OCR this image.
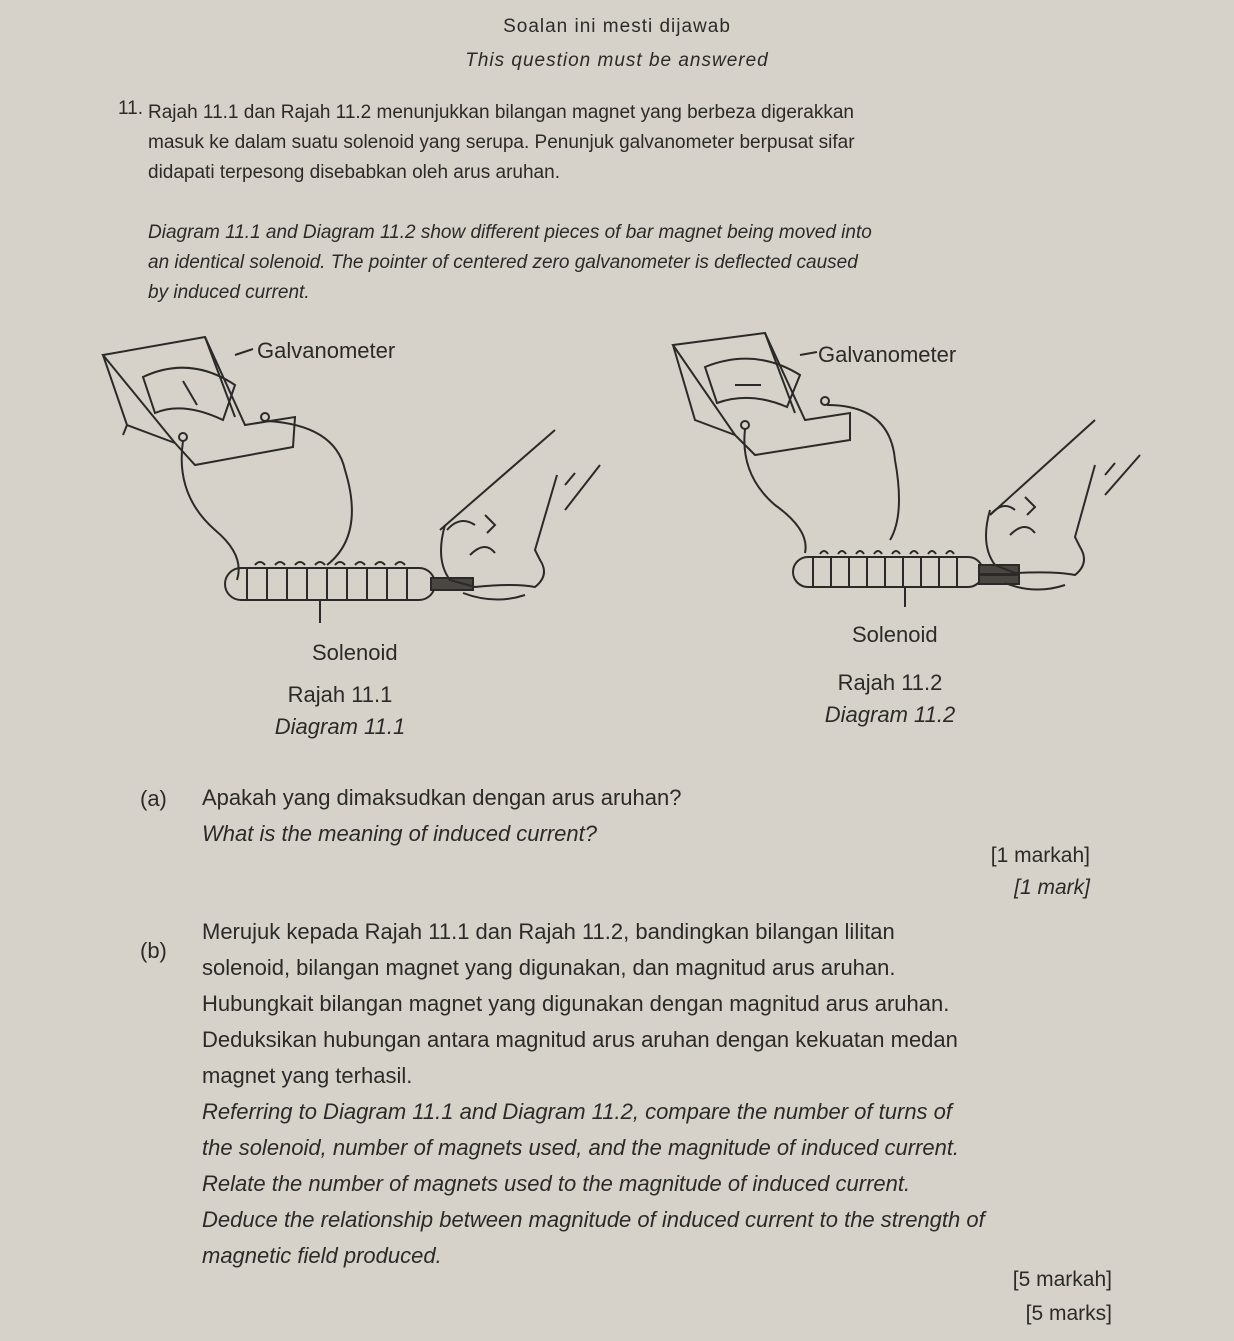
Soalan ini mesti dijawab
This question must be answered
11. Rajah 11.1 dan Rajah 11.2 menunjukkan bilangan magnet yang berbeza digerakkan
masuk ke dalam suatu solenoid yang serupa. Penunjuk galvanometer berpusat sifar
didapati terpesong disebabkan oleh arus aruhan.
Diagram 11.1 and Diagram 11.2 show different pieces of bar magnet being moved into
an identical solenoid. The pointer of centered zero galvanometer is deflected caused
by induced current.
Galvanometer
Solenoid
Rajah 11.1
Diagram 11.1
Galvanometer
Solenoid
Rajah 11.2
Diagram 11.2
(a) Apakah yang dimaksudkan dengan arus aruhan?
What is the meaning of induced current?
[1 markah]
[1 mark]
(b)
Merujuk kepada Rajah 11.1 dan Rajah 11.2, bandingkan bilangan lilitan
solenoid, bilangan magnet yang digunakan, dan magnitud arus aruhan.
Hubungkait bilangan magnet yang digunakan dengan magnitud arus aruhan.
Deduksikan hubungan antara magnitud arus aruhan dengan kekuatan medan
magnet yang terhasil.
Referring to Diagram 11.1 and Diagram 11.2, compare the number of turns of
the solenoid, number of magnets used, and the magnitude of induced current.
Relate the number of magnets used to the magnitude of induced current.
Deduce the relationship between magnitude of induced current to the strength of
magnetic field produced.
[5 markah]
[5 marks]
